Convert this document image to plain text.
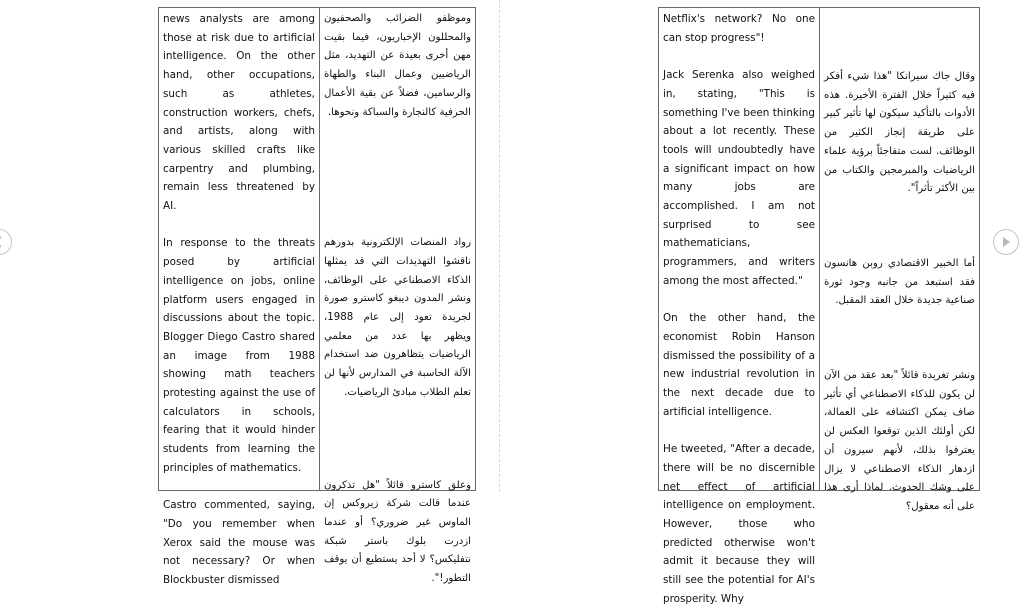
news analysts are among those at risk due to artificial intelligence. On the other hand, other occupations, such as athletes, construction workers, chefs, and artists, along with various skilled crafts like carpentry and plumbing, remain less threatened by AI.

In response to the threats posed by artificial intelligence on jobs, online platform users engaged in discussions about the topic. Blogger Diego Castro shared an image from 1988 showing math teachers protesting against the use of calculators in schools, fearing that it would hinder students from learning the principles of mathematics.

Castro commented, saying, "Do you remember when Xerox said the mouse was not necessary? Or when Blockbuster dismissed

وموظفو الضرائب والصحفيون والمحللون الإخباريون، فيما بقيت مهن أخرى بعيدة عن التهديد، مثل الرياضيين وعمال البناء والطهاة والرسامين، فضلاً عن بقية الأعمال الحرفية كالنجارة والسباكة ونحوها.

رواد المنصات الإلكترونية بدورهم ناقشوا التهديدات التي قد يمثلها الذكاء الاصطناعي على الوظائف، ونشر المدون ديبغو كاسترو صورة لجريدة تعود إلى عام 1988، ويظهر بها عدد من معلمي الرياضيات يتظاهرون ضد استخدام الآلة الحاسبة في المدارس لأنها لن تعلم الطلاب مبادئ الرياضيات.

وعلق كاسترو قائلاً "هل تذكرون عندما قالت شركة زيروكس إن الماوس غير ضروري؟ أو عندما ازدرت بلوك باستر شبكة نتفليكس؟ لا أحد يستطيع أن يوقف التطور!".

Netflix's network? No one can stop progress"!

Jack Serenka also weighed in, stating, "This is something I've been thinking about a lot recently. These tools will undoubtedly have a significant impact on how many jobs are accomplished. I am not surprised to see mathematicians, programmers, and writers among the most affected."

On the other hand, the economist Robin Hanson dismissed the possibility of a new industrial revolution in the next decade due to artificial intelligence.

He tweeted, "After a decade, there will be no discernible net effect of artificial intelligence on employment. However, those who predicted otherwise won't admit it because they will still see the potential for AI's prosperity. Why

وقال جاك سيرانكا "هذا شيء أفكر فيه كثيراً خلال الفترة الأخيرة. هذه الأدوات بالتأكيد سيكون لها تأثير كبير على طريقة إنجاز الكثير من الوظائف. لست متفاجئاً برؤية علماء الرياضيات والمبرمجين والكتاب من بين الأكثر تأثراً".

أما الخبير الاقتصادي روبن هانسون فقد استبعد من جانبه وجود ثورة صناعية جديدة خلال العقد المقبل.

ونشر تغريدة قائلاً "بعد عقد من الآن لن يكون للذكاء الاصطناعي أي تأثير صاف يمكن اكتشافه على العمالة، لكن أولئك الذين توقعوا العكس لن يعترفوا بذلك، لأنهم سيرون أن ازدهار الذكاء الاصطناعي لا يزال على وشك الحدوث. لماذا أرى هذا على أنه معقول؟
